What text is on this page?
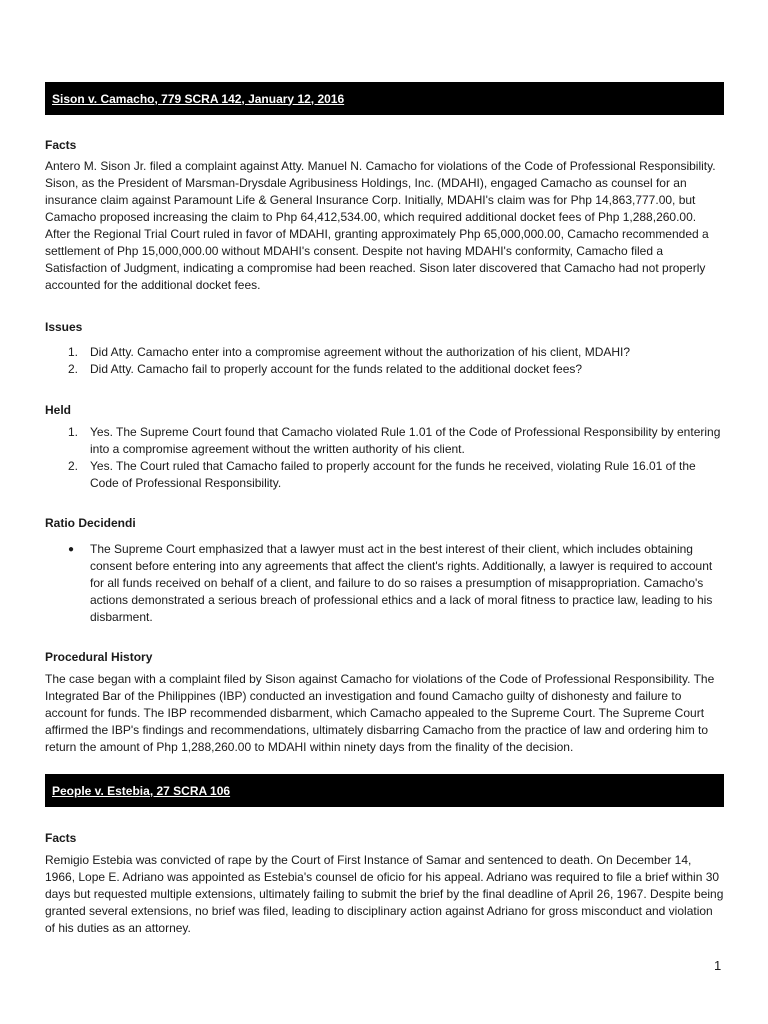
Sison v. Camacho, 779 SCRA 142, January 12, 2016
Facts

Antero M. Sison Jr. filed a complaint against Atty. Manuel N. Camacho for violations of the Code of Professional Responsibility. Sison, as the President of Marsman-Drysdale Agribusiness Holdings, Inc. (MDAHI), engaged Camacho as counsel for an insurance claim against Paramount Life & General Insurance Corp. Initially, MDAHI's claim was for Php 14,863,777.00, but Camacho proposed increasing the claim to Php 64,412,534.00, which required additional docket fees of Php 1,288,260.00. After the Regional Trial Court ruled in favor of MDAHI, granting approximately Php 65,000,000.00, Camacho recommended a settlement of Php 15,000,000.00 without MDAHI's consent. Despite not having MDAHI's conformity, Camacho filed a Satisfaction of Judgment, indicating a compromise had been reached. Sison later discovered that Camacho had not properly accounted for the additional docket fees.

Issues
1. Did Atty. Camacho enter into a compromise agreement without the authorization of his client, MDAHI?
2. Did Atty. Camacho fail to properly account for the funds related to the additional docket fees?
Held
1. Yes. The Supreme Court found that Camacho violated Rule 1.01 of the Code of Professional Responsibility by entering into a compromise agreement without the written authority of his client.
2. Yes. The Court ruled that Camacho failed to properly account for the funds he received, violating Rule 16.01 of the Code of Professional Responsibility.
Ratio Decidendi
● The Supreme Court emphasized that a lawyer must act in the best interest of their client, which includes obtaining consent before entering into any agreements that affect the client's rights. Additionally, a lawyer is required to account for all funds received on behalf of a client, and failure to do so raises a presumption of misappropriation. Camacho's actions demonstrated a serious breach of professional ethics and a lack of moral fitness to practice law, leading to his disbarment.
Procedural History

The case began with a complaint filed by Sison against Camacho for violations of the Code of Professional Responsibility. The Integrated Bar of the Philippines (IBP) conducted an investigation and found Camacho guilty of dishonesty and failure to account for funds. The IBP recommended disbarment, which Camacho appealed to the Supreme Court. The Supreme Court affirmed the IBP's findings and recommendations, ultimately disbarring Camacho from the practice of law and ordering him to return the amount of Php 1,288,260.00 to MDAHI within ninety days from the finality of the decision.

People v. Estebia, 27 SCRA 106
Facts

Remigio Estebia was convicted of rape by the Court of First Instance of Samar and sentenced to death. On December 14, 1966, Lope E. Adriano was appointed as Estebia's counsel de oficio for his appeal. Adriano was required to file a brief within 30 days but requested multiple extensions, ultimately failing to submit the brief by the final deadline of April 26, 1967. Despite being granted several extensions, no brief was filed, leading to disciplinary action against Adriano for gross misconduct and violation of his duties as an attorney.

1
